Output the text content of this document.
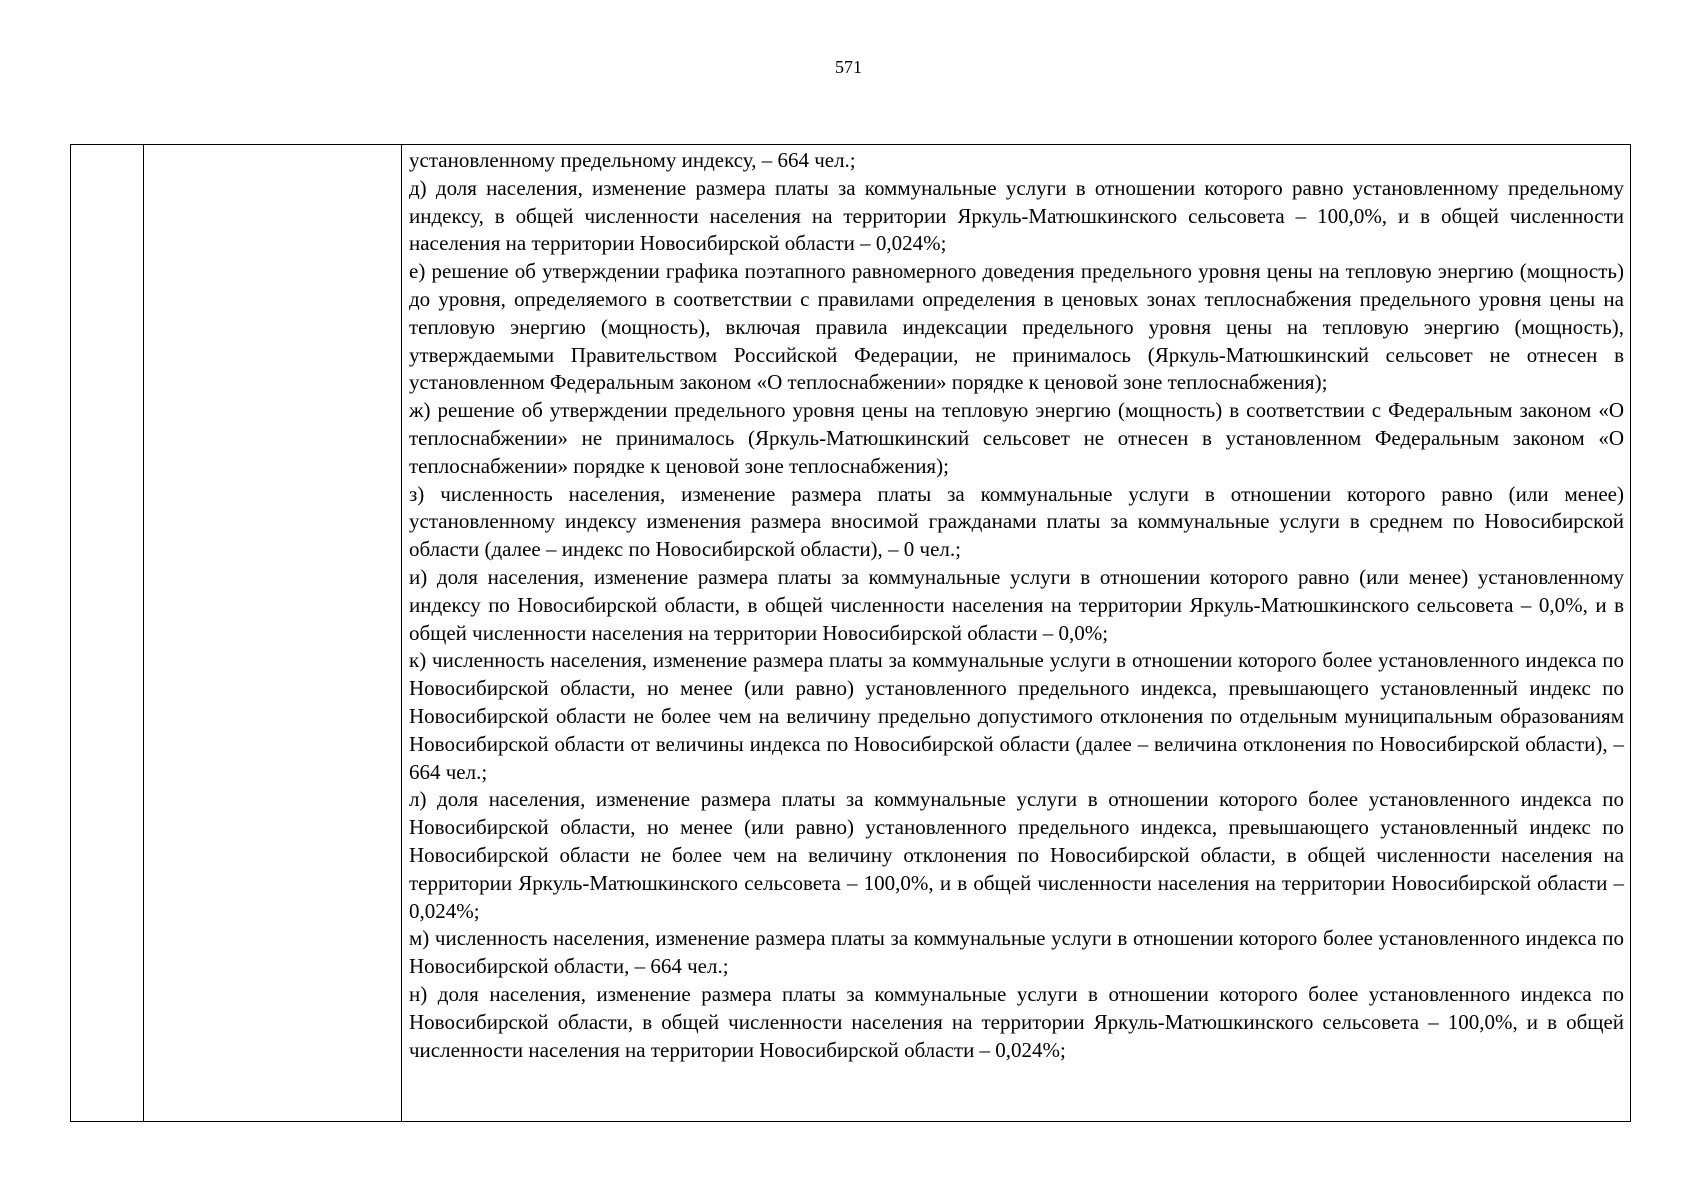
571

установленному предельному индексу, – 664 чел.;

д) доля населения, изменение размера платы за коммунальные услуги в отношении которого равно установленному предельному индексу, в общей численности населения на территории Яркуль-Матюшкинского сельсовета – 100,0%, и в общей численности населения на территории Новосибирской области – 0,024%;

е) решение об утверждении графика поэтапного равномерного доведения предельного уровня цены на тепловую энергию (мощность) до уровня, определяемого в соответствии с правилами определения в ценовых зонах теплоснабжения предельного уровня цены на тепловую энергию (мощность), включая правила индексации предельного уровня цены на тепловую энергию (мощность), утверждаемыми Правительством Российской Федерации, не принималось (Яркуль-Матюшкинский сельсовет не отнесен в установленном Федеральным законом «О теплоснабжении» порядке к ценовой зоне теплоснабжения);

ж) решение об утверждении предельного уровня цены на тепловую энергию (мощность) в соответствии с Федеральным законом «О теплоснабжении» не принималось (Яркуль-Матюшкинский сельсовет не отнесен в установленном Федеральным законом «О теплоснабжении» порядке к ценовой зоне теплоснабжения);

з) численность населения, изменение размера платы за коммунальные услуги в отношении которого равно (или менее) установленному индексу изменения размера вносимой гражданами платы за коммунальные услуги в среднем по Новосибирской области (далее – индекс по Новосибирской области), – 0 чел.;

и) доля населения, изменение размера платы за коммунальные услуги в отношении которого равно (или менее) установленному индексу по Новосибирской области, в общей численности населения на территории Яркуль-Матюшкинского сельсовета – 0,0%, и в общей численности населения на территории Новосибирской области – 0,0%;

к) численность населения, изменение размера платы за коммунальные услуги в отношении которого более установленного индекса по Новосибирской области, но менее (или равно) установленного предельного индекса, превышающего установленный индекс по Новосибирской области не более чем на величину предельно допустимого отклонения по отдельным муниципальным образованиям Новосибирской области от величины индекса по Новосибирской области (далее – величина отклонения по Новосибирской области), – 664 чел.;

л) доля населения, изменение размера платы за коммунальные услуги в отношении которого более установленного индекса по Новосибирской области, но менее (или равно) установленного предельного индекса, превышающего установленный индекс по Новосибирской области не более чем на величину отклонения по Новосибирской области, в общей численности населения на территории Яркуль-Матюшкинского сельсовета – 100,0%, и в общей численности населения на территории Новосибирской области – 0,024%;

м) численность населения, изменение размера платы за коммунальные услуги в отношении которого более установленного индекса по Новосибирской области, – 664 чел.;

н) доля населения, изменение размера платы за коммунальные услуги в отношении которого более установленного индекса по Новосибирской области, в общей численности населения на территории Яркуль-Матюшкинского сельсовета – 100,0%, и в общей численности населения на территории Новосибирской области – 0,024%;
